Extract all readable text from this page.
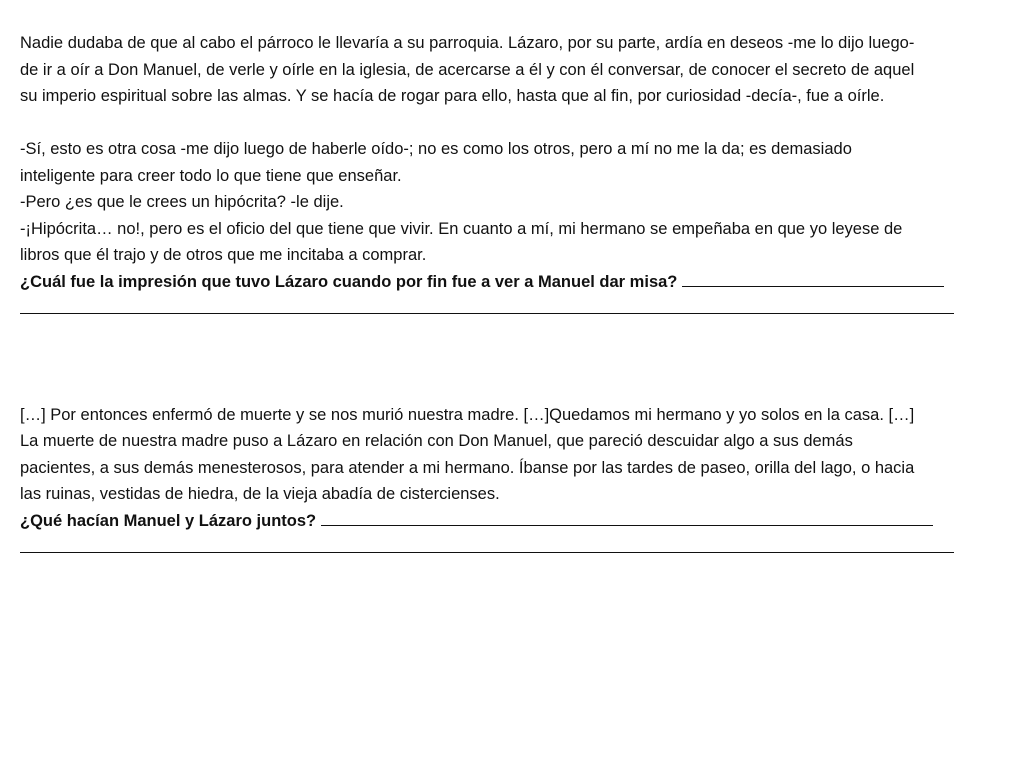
Nadie dudaba de que al cabo el párroco le llevaría a su parroquia. Lázaro, por su parte, ardía en deseos -me lo dijo luego-
de ir a oír a Don Manuel, de verle y oírle en la iglesia, de acercarse a él y con él conversar, de conocer el secreto de aquel
su imperio espiritual sobre las almas. Y se hacía de rogar para ello, hasta que al fin, por curiosidad -decía-, fue a oírle.
-Sí, esto es otra cosa -me dijo luego de haberle oído-; no es como los otros, pero a mí no me la da; es demasiado
inteligente para creer todo lo que tiene que enseñar.
-Pero ¿es que le crees un hipócrita? -le dije.
-¡Hipócrita… no!, pero es el oficio del que tiene que vivir. En cuanto a mí, mi hermano se empeñaba en que yo leyese de
libros que él trajo y de otros que me incitaba a comprar.
¿Cuál fue la impresión que tuvo Lázaro cuando por fin fue a ver a Manuel dar misa?
[…] Por entonces enfermó de muerte y se nos murió nuestra madre. […]Quedamos mi hermano y yo solos en la casa. […]
La muerte de nuestra madre puso a Lázaro en relación con Don Manuel, que pareció descuidar algo a sus demás
pacientes, a sus demás menesterosos, para atender a mi hermano. Íbanse por las tardes de paseo, orilla del lago, o hacia
las ruinas, vestidas de hiedra, de la vieja abadía de cistercienses.
¿Qué hacían Manuel y Lázaro juntos?
